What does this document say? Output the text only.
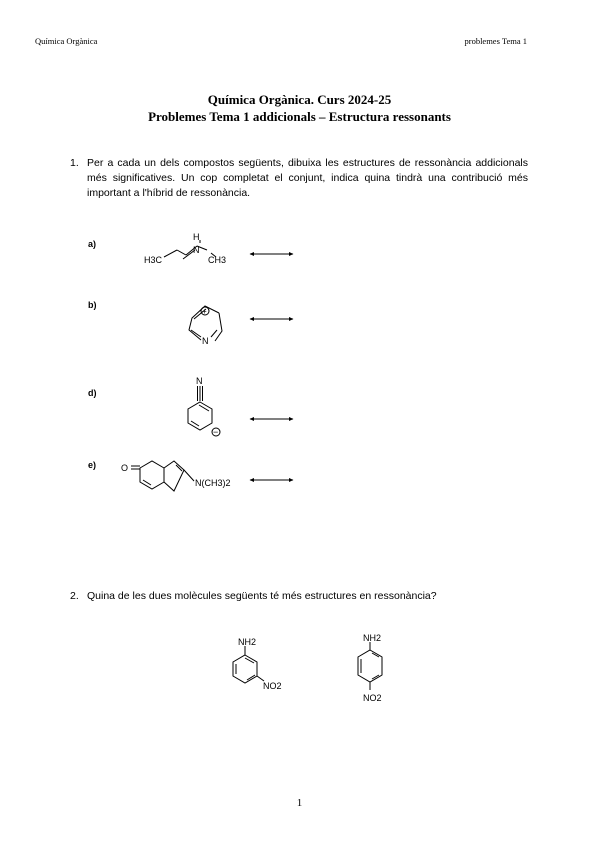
Química Orgànica	problemes Tema 1
Química Orgànica. Curs 2024-25
Problemes Tema 1 addicionals – Estructura ressonants
1. Per a cada un dels compostos següents, dibuixa les estructures de ressonància addicionals més significatives. Un cop completat el conjunt, indica quina tindrà una contribució més important a l'híbrid de ressonància.
a)
b)
d)
e)
H
N
H3C	CH3
+
N
−
N
O
N(CH3)2
NH2
NO2
NH2
NO2
2. Quina de les dues molècules següents té més estructures en ressonància?
1
